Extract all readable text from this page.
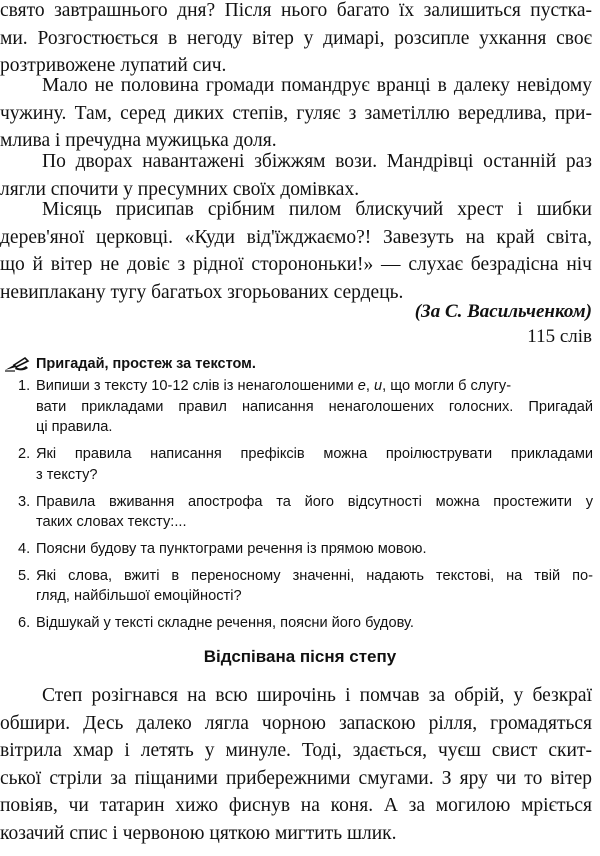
свято завтрашнього дня? Після нього багато їх залишиться пустка-
ми. Розгостюється в негоду вітер у димарі, розсипле ухкання своє
розтривожене лупатий сич.
Мало не половина громади помандрує вранці в далеку невідому
чужину. Там, серед диких степів, гуляє з заметіллю вередлива, при-
млива і пречудна мужицька доля.
По дворах навантажені збіжжям вози. Мандрівці останній раз
лягли спочити у пресумних своїх домівках.
Місяць присипав срібним пилом блискучий хрест і шибки
дерев'яної церковці. «Куди від'їжджаємо?! Завезуть на край світа,
що й вітер не довіє з рідної сторононьки!» — слухає безрадісна ніч
невиплакану тугу багатьох згорьованих сердець.
(За С. Васильченком)
115 слів
Пригадай, простеж за текстом.
1. Випиши з тексту 10-12 слів із ненаголошеними е, и, що могли б слугу-
вати прикладами правил написання ненаголошених голосних. Пригадай
ці правила.
2. Які правила написання префіксів можна проілюструвати прикладами
з тексту?
3. Правила вживання апострофа та його відсутності можна простежити у
таких словах тексту:...
4. Поясни будову та пунктограми речення із прямою мовою.
5. Які слова, вжиті в переносному значенні, надають текстові, на твій по-
гляд, найбільшої емоційності?
6. Відшукай у тексті складне речення, поясни його будову.
Відспівана пісня степу
Степ розігнався на всю широчінь і помчав за обрій, у безкраї
обшири. Десь далеко лягла чорною запаскою рілля, громадяться
вітрила хмар і летять у минуле. Тоді, здається, чуєш свист скит-
ської стріли за піщаними прибережними смугами. З яру чи то вітер
повіяв, чи татарин хижо фиснув на коня. А за могилою мріється
козачий спис і червоною цяткою мигтить шлик.
